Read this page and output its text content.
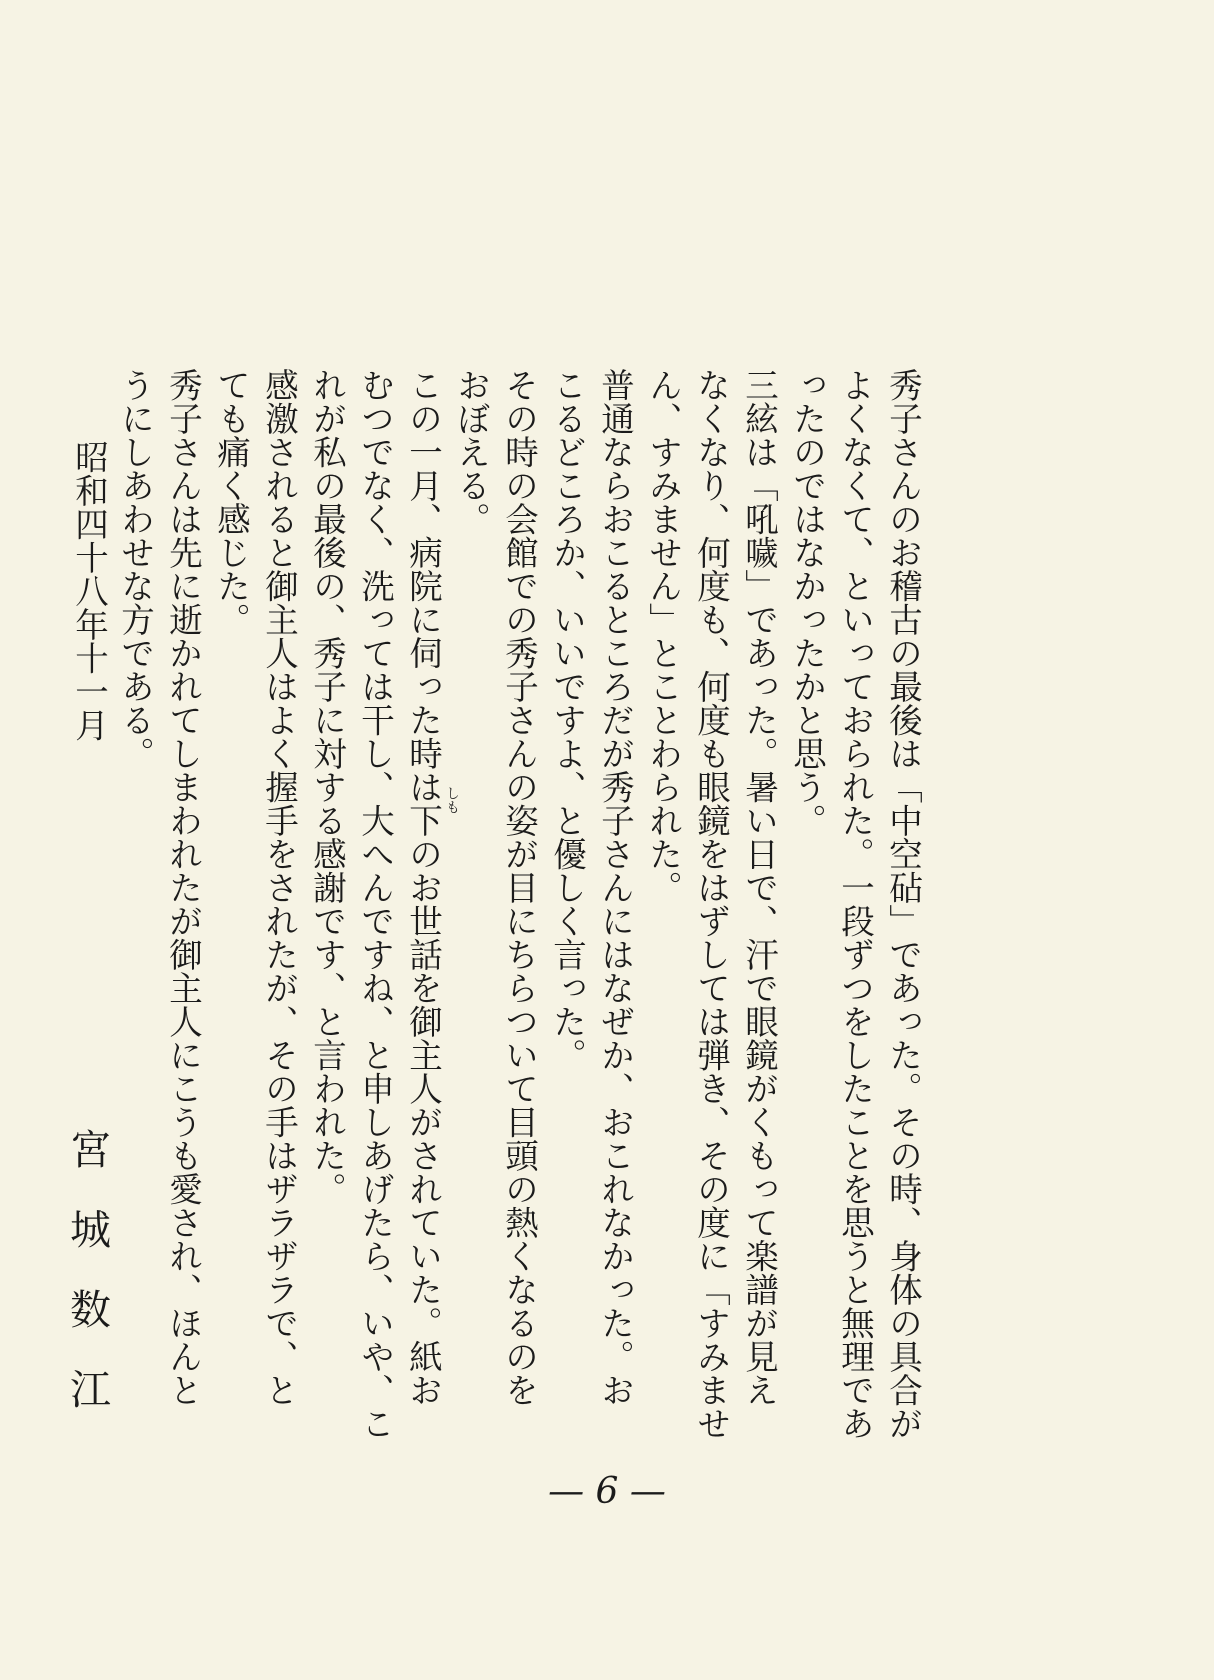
秀子さんのお稽古の最後は「中空砧」であった。その時、身体の具合が
よくなくて、といっておられた。一段ずつをしたことを思うと無理であ
ったのではなかったかと思う。
三絃は「吼噦」であった。暑い日で、汗で眼鏡がくもって楽譜が見え
なくなり、何度も、何度も眼鏡をはずしては弾き、その度に「すみませ
ん、すみません」とことわられた。
普通ならおこるところだが秀子さんにはなぜか、おこれなかった。お
こるどころか、いいですよ、と優しく言った。
その時の会館での秀子さんの姿が目にちらついて目頭の熱くなるのを
おぼえる。
この一月、病院に伺った時は下のお世話を御主人がされていた。紙お
むつでなく、洗っては干し、大へんですね、と申しあげたら、いや、こ
れが私の最後の、秀子に対する感謝です、と言われた。
感激されると御主人はよく握手をされたが、その手はザラザラで、と
ても痛く感じた。
秀子さんは先に逝かれてしまわれたが御主人にこうも愛され、ほんと
うにしあわせな方である。
しも
昭和四十八年十一月
宮城数江
— 6 —
